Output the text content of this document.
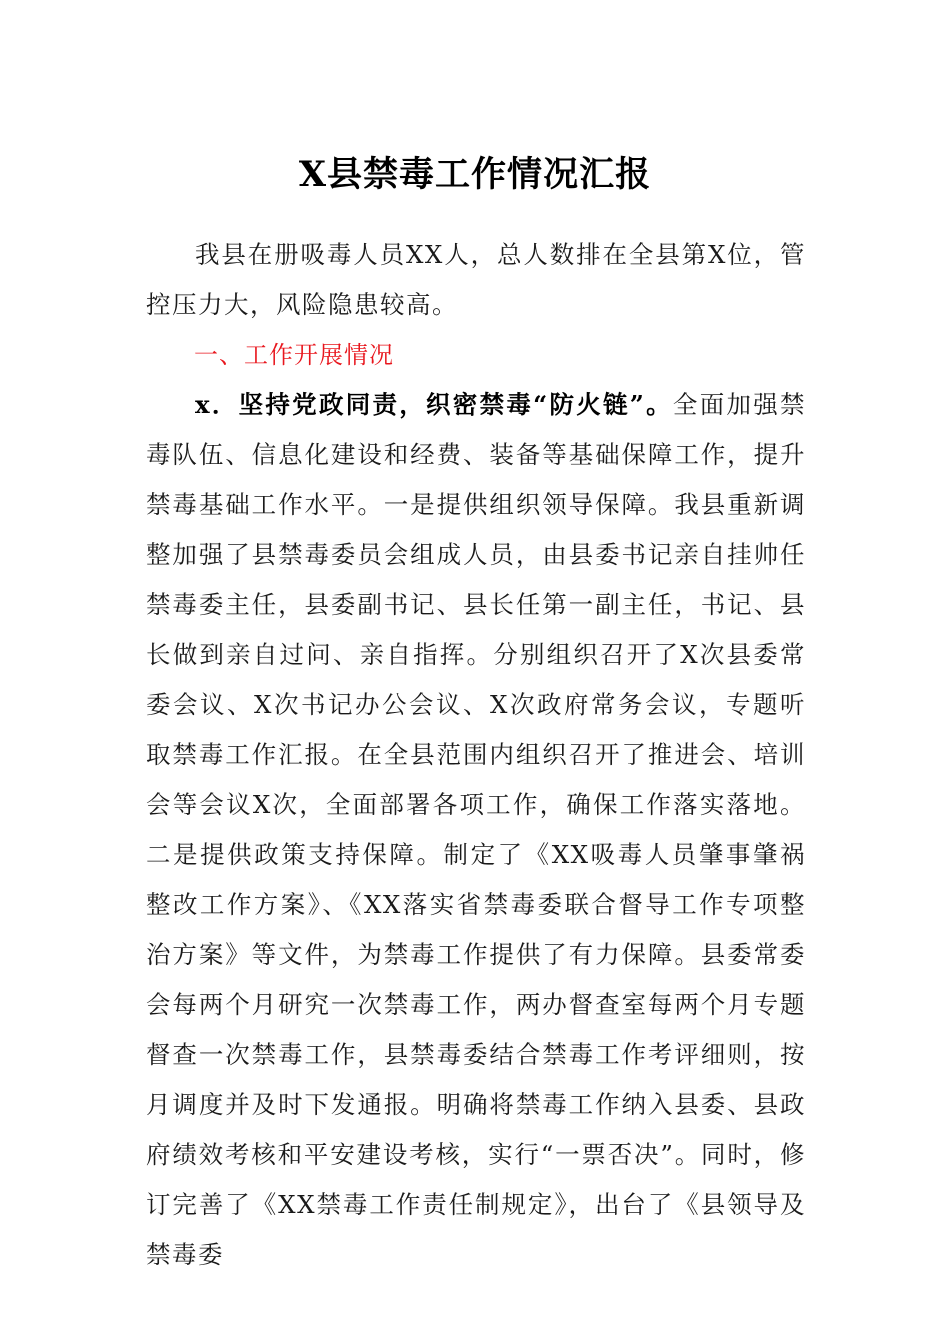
X县禁毒工作情况汇报

我县在册吸毒人员XX人，总人数排在全县第X位，管控压力大，风险隐患较高。

一、工作开展情况

x．坚持党政同责，织密禁毒“防火链”。全面加强禁毒队伍、信息化建设和经费、装备等基础保障工作，提升禁毒基础工作水平。一是提供组织领导保障。我县重新调整加强了县禁毒委员会组成人员，由县委书记亲自挂帅任禁毒委主任，县委副书记、县长任第一副主任，书记、县长做到亲自过问、亲自指挥。分别组织召开了X次县委常委会议、X次书记办公会议、X次政府常务会议，专题听取禁毒工作汇报。在全县范围内组织召开了推进会、培训会等会议X次，全面部署各项工作，确保工作落实落地。二是提供政策支持保障。制定了《XX吸毒人员肇事肇祸整改工作方案》、《XX落实省禁毒委联合督导工作专项整治方案》等文件，为禁毒工作提供了有力保障。县委常委会每两个月研究一次禁毒工作，两办督查室每两个月专题督查一次禁毒工作，县禁毒委结合禁毒工作考评细则，按月调度并及时下发通报。明确将禁毒工作纳入县委、县政府绩效考核和平安建设考核，实行“一票否决”。同时，修订完善了《XX禁毒工作责任制规定》，出台了《县领导及禁毒委
